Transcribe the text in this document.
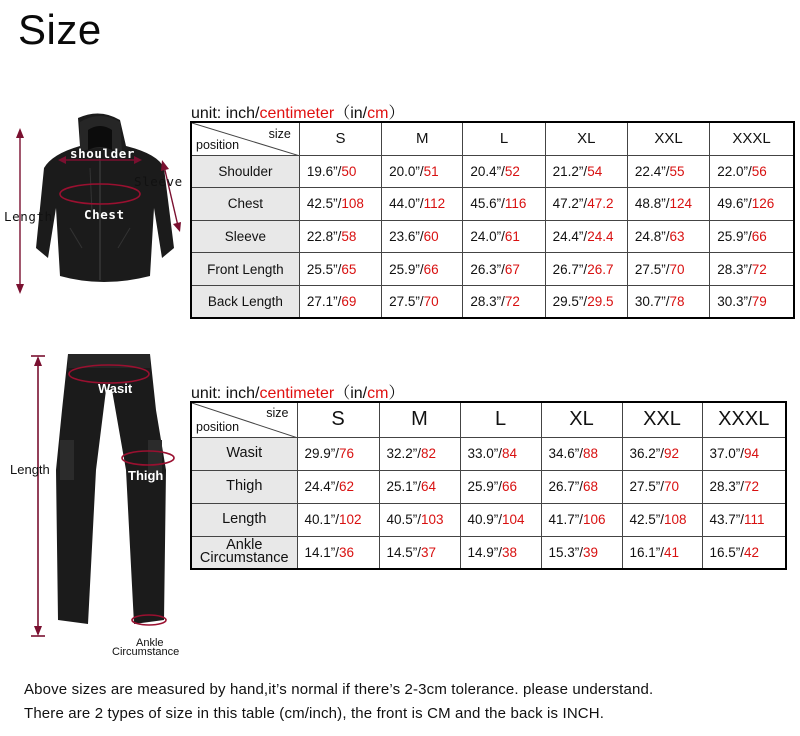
Size
shoulder
Sleeve
Length Chest
unit: inch/centimeter（in/cm）
size
position	S	M	L	XL	XXL	XXXL

Shoulder	19.6”/50	20.0”/51	20.4”/52	21.2”/54	22.4”/55	22.0”/56

Chest	42.5”/108	44.0”/112	45.6”/116	47.2”/47.2	48.8”/124	49.6”/126

Sleeve	22.8”/58	23.6”/60	24.0”/61	24.4”/24.4	24.8”/63	25.9”/66

Front Length	25.5”/65	25.9”/66	26.3”/67	26.7”/26.7	27.5”/70	28.3”/72

Back Length	27.1”/69	27.5”/70	28.3”/72	29.5”/29.5	30.7”/78	30.3”/79
Wasit
Length	Thigh
Ankle
Circumstance
unit: inch/centimeter（in/cm）
size
position	S	M	L	XL	XXL	XXXL

Wasit	29.9”/76	32.2”/82	33.0”/84	34.6”/88	36.2”/92	37.0”/94

Thigh	24.4”/62	25.1”/64	25.9”/66	26.7”/68	27.5”/70	28.3”/72

Length	40.1”/102	40.5”/103	40.9”/104	41.7”/106	42.5”/108	43.7”/111

Ankle
Circumstance	14.1”/36	14.5”/37	14.9”/38	15.3”/39	16.1”/41	16.5”/42
Above sizes are measured by hand,it’s normal if there’s 2-3cm tolerance. please understand.
There are 2 types of size in this table (cm/inch), the front is CM and the back is INCH.
